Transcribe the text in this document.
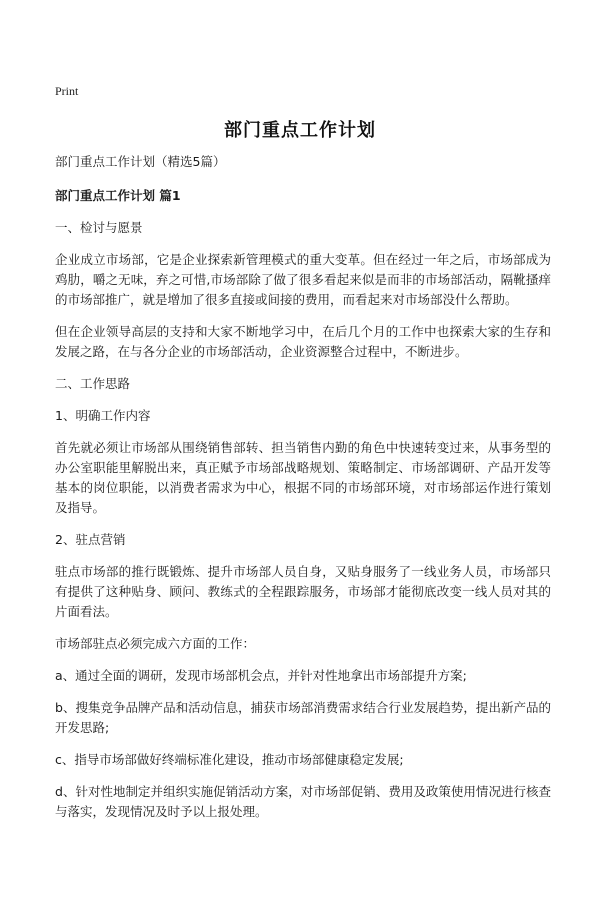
Print
部门重点工作计划

部门重点工作计划（精选5篇）

部门重点工作计划 篇1

一、检讨与愿景

企业成立市场部，它是企业探索新管理模式的重大变革。但在经过一年之后，市场部成为鸡肋，嚼之无味，弃之可惜,市场部除了做了很多看起来似是而非的市场部活动，隔靴搔痒的市场部推广，就是增加了很多直接或间接的费用，而看起来对市场部没什么帮助。

但在企业领导高层的支持和大家不断地学习中，在后几个月的工作中也探索大家的生存和发展之路，在与各分企业的市场部活动，企业资源整合过程中，不断进步。

二、工作思路

1、明确工作内容

首先就必须让市场部从围绕销售部转、担当销售内勤的角色中快速转变过来，从事务型的办公室职能里解脱出来，真正赋予市场部战略规划、策略制定、市场部调研、产品开发等基本的岗位职能，以消费者需求为中心，根据不同的市场部环境，对市场部运作进行策划及指导。

2、驻点营销

驻点市场部的推行既锻炼、提升市场部人员自身，又贴身服务了一线业务人员，市场部只有提供了这种贴身、顾问、教练式的全程跟踪服务，市场部才能彻底改变一线人员对其的片面看法。

市场部驻点必须完成六方面的工作：

a、通过全面的调研，发现市场部机会点，并针对性地拿出市场部提升方案;

b、搜集竞争品牌产品和活动信息，捕获市场部消费需求结合行业发展趋势，提出新产品的开发思路;

c、指导市场部做好终端标准化建设，推动市场部健康稳定发展;

d、针对性地制定并组织实施促销活动方案，对市场部促销、费用及政策使用情况进行核查与落实，发现情况及时予以上报处理。
